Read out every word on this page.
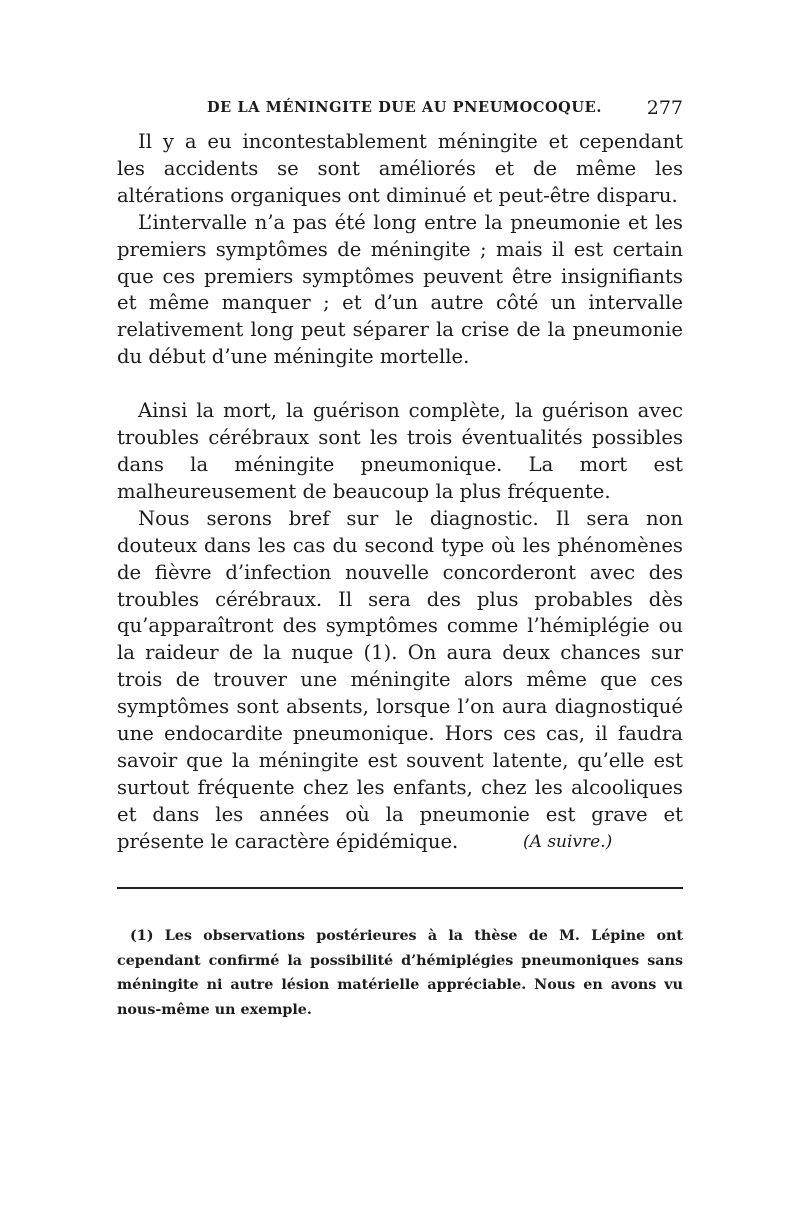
DE LA MÉNINGITE DUE AU PNEUMOCOQUE. 277

Il y a eu incontestablement méningite et cependant les accidents se sont améliorés et de même les altérations organiques ont diminué et peut-être disparu.

L’intervalle n’a pas été long entre la pneumonie et les premiers symptômes de méningite ; mais il est certain que ces premiers symptômes peuvent être insignifiants et même manquer ; et d’un autre côté un intervalle relativement long peut séparer la crise de la pneumonie du début d’une méningite mortelle.

Ainsi la mort, la guérison complète, la guérison avec troubles cérébraux sont les trois éventualités possibles dans la méningite pneumonique. La mort est malheureusement de beaucoup la plus fréquente.

Nous serons bref sur le diagnostic. Il sera non douteux dans les cas du second type où les phénomènes de fièvre d’infection nouvelle concorderont avec des troubles cérébraux. Il sera des plus probables dès qu’apparaîtront des symptômes comme l’hémiplégie ou la raideur de la nuque (1). On aura deux chances sur trois de trouver une méningite alors même que ces symptômes sont absents, lorsque l’on aura diagnostiqué une endocardite pneumonique. Hors ces cas, il faudra savoir que la méningite est souvent latente, qu’elle est surtout fréquente chez les enfants, chez les alcooliques et dans les années où la pneumonie est grave et présente le caractère épidémique.	(A suivre.)

(1) Les observations postérieures à la thèse de M. Lépine ont cependant confirmé la possibilité d’hémiplégies pneumoniques sans méningite ni autre lésion matérielle appréciable. Nous en avons vu nous-même un exemple.
